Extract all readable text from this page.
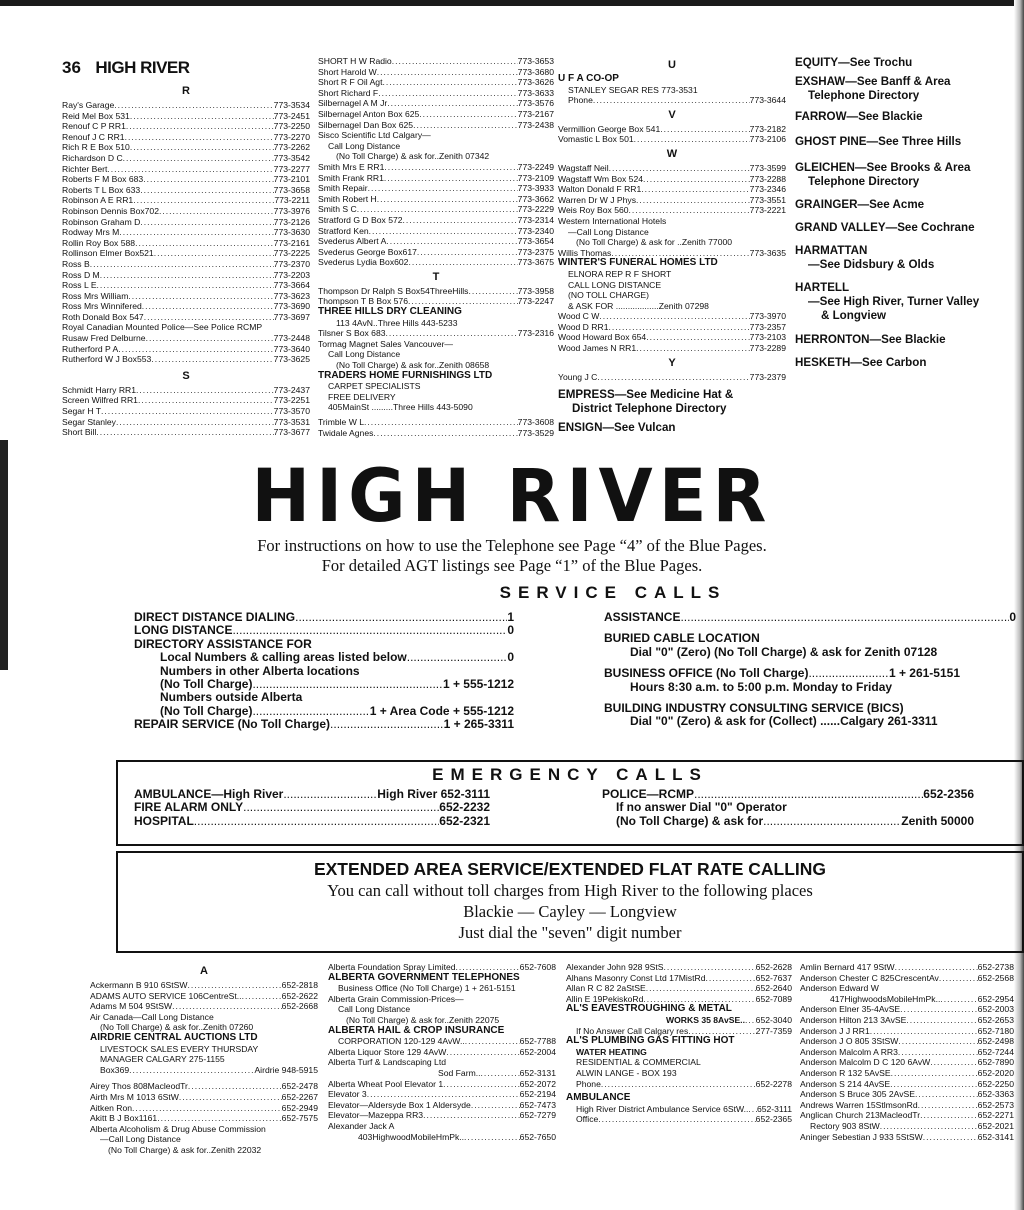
36 HIGH RIVER
R
Ray's Garage .....	773-3534
Reid Mel Box 531 .....	773-2451
Renouf C P RR1 .....	773-2250
Renouf J C RR1 .....	773-2270
Rich R E Box 510 .....	773-2262
Richardson D C .....	773-3542
Richter Bert .....	773-2277
Roberts F M Box 683 .....	773-2101
Roberts T L Box 633 .....	773-3658
Robinson A E RR1 .....	773-2211
Robinson Dennis Box702 .....	773-3976
Robinson Graham D .....	773-2126
Rodway Mrs M .....	773-3630
Rollin Roy Box 588 .....	773-2161
Rollinson Elmer Box521 .....	773-2225
Ross B .....	773-2370
Ross D M .....	773-2203
Ross L E .....	773-3664
Ross Mrs William .....	773-3623
Ross Mrs Winnifered .....	773-3690
Roth Donald Box 547 .....	773-3697
Royal Canadian Mounted Police—See Police RCMP
Rusaw Fred Delburne .....	773-2448
Rutherford P A .....	773-3640
Rutherford W J Box553 .....	773-3625
S
Schmidt Harry RR1 .....	773-2437
Screen Wilfred RR1 .....	773-2251
Segar H T .....	773-3570
Segar Stanley .....	773-3531
Short Bill .....	773-3677
SHORT H W Radio .....	773-3653
Short Harold W .....	773-3680
Short R F Oil Agt .....	773-3626
Short Richard F .....	773-3633
Silbernagel A M Jr .....	773-3576
Silbernagel Anton Box 625 .....	773-2167
Silbernagel Dan Box 625 .....	773-2438
Sisco Scientific Ltd Calgary—
Call Long Distance
(No Toll Charge) & ask for..Zenith 07342
Smith Mrs E RR1 .....	773-2249
Smith Frank RR1 .....	773-2109
Smith Repair .....	773-3933
Smith Robert H .....	773-3662
Smith S C .....	773-2229
Stratford G D Box 572 .....	773-2314
Stratford Ken .....	773-2340
Svederus Albert A .....	773-3654
Svederus George Box617 .....	773-2375
Svederus Lydia Box602 .....	773-3675
T
Thompson Dr Ralph S Box54ThreeHills .....	773-3958
Thompson T B Box 576 .....	773-2247
THREE HILLS DRY CLEANING
113 4AvN..Three Hills 443-5233
Tilsner S Box 683 .....	773-2316
Tormag Magnet Sales Vancouver—
Call Long Distance
(No Toll Charge) & ask for..Zenith 08658
TRADERS HOME FURNISHINGS LTD
CARPET SPECIALISTS
FREE DELIVERY
405MainSt .........Three Hills 443-5090
Trimble W L .....	773-3608
Twidale Agnes .....	773-3529
U
U F A CO-OP
STANLEY SEGAR RES 773-3531
Phone .....	773-3644
V
Vermillion George Box 541 .....	773-2182
Vomastic L Box 501 .....	773-2106
W
Wagstaff Neil .....	773-3599
Wagstaff Wm Box 524 .....	773-2288
Walton Donald F RR1 .....	773-2346
Warren Dr W J Phys .....	773-3551
Weis Roy Box 560 .....	773-2221
Western International Hotels
—Call Long Distance
(No Toll Charge) & ask for ..Zenith 77000
Willis Thomas .....	773-3635
WINTER'S FUNERAL HOMES LTD
ELNORA REP R F SHORT
CALL LONG DISTANCE
(NO TOLL CHARGE)
& ASK FOR ..................Zenith 07298
Wood C W .....	773-3970
Wood D RR1 .....	773-2357
Wood Howard Box 654 .....	773-2103
Wood James N RR1 .....	773-2289
Y
Young J C .....	773-2379
EMPRESS—See Medicine Hat &
District Telephone Directory
ENSIGN—See Vulcan
EQUITY—See Trochu
EXSHAW—See Banff & Area
Telephone Directory
FARROW—See Blackie
GHOST PINE—See Three Hills
GLEICHEN—See Brooks & Area
Telephone Directory
GRAINGER—See Acme
GRAND VALLEY—See Cochrane
HARMATTAN
—See Didsbury & Olds
HARTELL
—See High River, Turner Valley
& Longview
HERRONTON—See Blackie
HESKETH—See Carbon
HIGH RIVER
For instructions on how to use the Telephone see Page “4” of the Blue Pages.
For detailed AGT listings see Page “1” of the Blue Pages.
SERVICE CALLS
DIRECT DISTANCE DIALING .....	1
LONG DISTANCE .....	0
DIRECTORY ASSISTANCE FOR
Local Numbers & calling areas listed below .....	0
Numbers in other Alberta locations
(No Toll Charge) .....	1 + 555-1212
Numbers outside Alberta
(No Toll Charge) .....	1 + Area Code + 555-1212
REPAIR SERVICE (No Toll Charge) .....	1 + 265-3311
ASSISTANCE .....	0
BURIED CABLE LOCATION
Dial "0" (Zero) (No Toll Charge) & ask for Zenith 07128
BUSINESS OFFICE (No Toll Charge) .....	1 + 261-5151
Hours 8:30 a.m. to 5:00 p.m. Monday to Friday
BUILDING INDUSTRY CONSULTING SERVICE (BICS)
Dial "0" (Zero) & ask for (Collect) ......Calgary 261-3311
EMERGENCY CALLS
AMBULANCE—High River .....	High River 652-3111
FIRE ALARM ONLY .....	652-2232
HOSPITAL .....	652-2321
POLICE—RCMP .....	652-2356
If no answer Dial "0" Operator
(No Toll Charge) & ask for .....	Zenith 50000
EXTENDED AREA SERVICE/EXTENDED FLAT RATE CALLING
You can call without toll charges from High River to the following places
Blackie — Cayley — Longview
Just dial the "seven" digit number
A
Ackermann B 910 6StSW .....	652-2818
ADAMS AUTO SERVICE 106CentreSt.. .....	652-2622
Adams M 504 9StSW .....	652-2668
Air Canada—Call Long Distance
(No Toll Charge) & ask for..Zenith 07260
AIRDRIE CENTRAL AUCTIONS LTD
LIVESTOCK SALES EVERY THURSDAY
MANAGER CALGARY 275-1155
Box369 .....	Airdrie 948-5915
Airey Thos 808MacleodTr .....	652-2478
Airth Mrs M 1013 6StW .....	652-2267
Aitken Ron .....	652-2949
Akitt B J Box1161 .....	652-7575
Alberta Alcoholism & Drug Abuse Commission
—Call Long Distance
(No Toll Charge) & ask for..Zenith 22032
Alberta Foundation Spray Limited .....	652-7608
ALBERTA GOVERNMENT TELEPHONES
Business Office (No Toll Charge) 1 + 261-5151
Alberta Grain Commission-Prices—
Call Long Distance
(No Toll Charge) & ask for..Zenith 22075
ALBERTA HAIL & CROP INSURANCE
CORPORATION 120-129 4AvW.. .....	652-7788
Alberta Liquor Store 129 4AvW .....	652-2004
Alberta Turf & Landscaping Ltd
Sod Farm.. .....	652-3131
Alberta Wheat Pool Elevator 1 .....	652-2072
Elevator 3 .....	652-2194
Elevator—Aldersyde Box 1 Aldersyde .....	652-7473
Elevator—Mazeppa RR3 .....	652-7279
Alexander Jack A
403HighwoodMobileHmPk.. .....	652-7650
Alexander John 928 9StS .....	652-2628
Alhans Masonry Const Ltd 17MistRd .....	652-7637
Allan R C 82 2aStSE .....	652-2640
Allin E 19PekiskoRd .....	652-7089
AL'S EAVESTROUGHING & METAL
WORKS 35 8AvSE.. ..... 652-3040
If No Answer Call Calgary res .....	277-7359
AL'S PLUMBING GAS FITTING HOT
WATER HEATING
RESIDENTIAL & COMMERCIAL
ALWIN LANGE - BOX 193
Phone .....	652-2278
AMBULANCE
High River District Ambulance Service 6StW.. ..... 652-3111
Office .....	652-2365
Amlin Bernard 417 9StW .....	652-2738
Anderson Chester C 825CrescentAv .....	652-2568
Anderson Edward W
417HighwoodsMobileHmPk.. .....	652-2954
Anderson Elner 35-4AvSE .....	652-2003
Anderson Hilton 213 3AvSE .....	652-2653
Anderson J J RR1 .....	652-7180
Anderson J O 805 3StSW .....	652-2498
Anderson Malcolm A RR3 .....	652-7244
Anderson Malcolm D C 120 6AvW .....	652-7890
Anderson R 132 5AvSE .....	652-2020
Anderson S 214 4AvSE .....	652-2250
Anderson S Bruce 305 2AvSE .....	652-3363
Andrews Warren 15StlmsonRd .....	652-2573
Anglican Church 213MacleodTr .....	652-2271
Rectory 903 8StW .....	652-2021
Aninger Sebestian J 933 5StSW .....	652-3141
